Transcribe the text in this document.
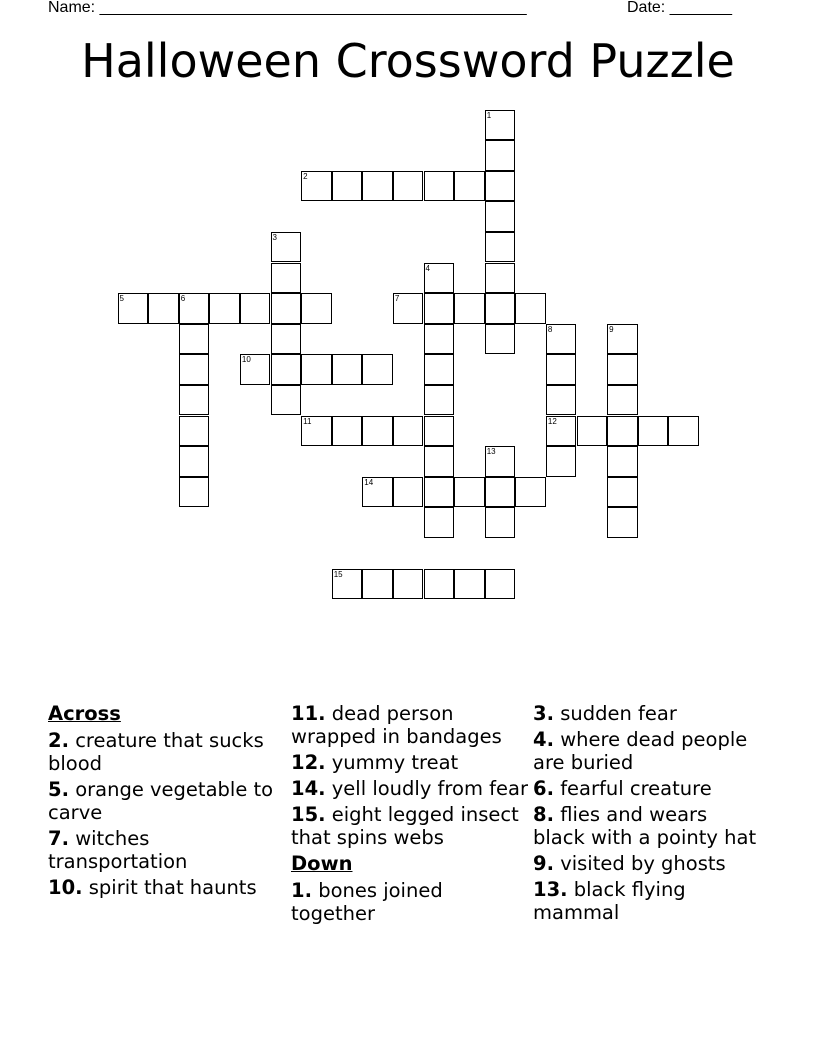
Name: ________________________________________________	Date: _______
Halloween Crossword Puzzle
1
2
3
4
5	6	7
8	9
10
11	12
13
14
15
Across
2. creature that sucks blood
5. orange vegetable to carve
7. witches transportation
10. spirit that haunts
11. dead person wrapped in bandages
12. yummy treat
14. yell loudly from fear
15. eight legged insect that spins webs
Down
1. bones joined together
3. sudden fear
4. where dead people are buried
6. fearful creature
8. flies and wears black with a pointy hat
9. visited by ghosts
13. black flying mammal
